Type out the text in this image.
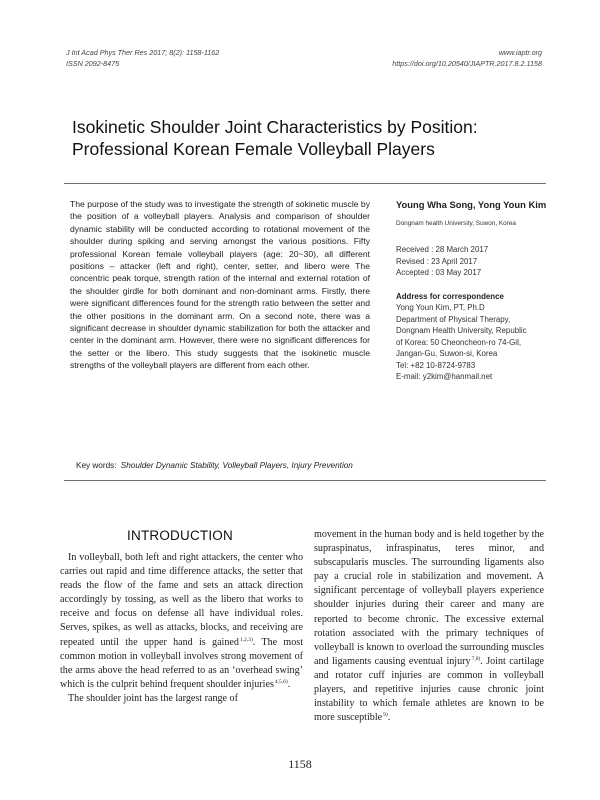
J Int Acad Phys Ther Res 2017; 8(2): 1158-1162
ISSN 2092-8475
www.iaptr.org
https://doi.org/10.20540/JIAPTR.2017.8.2.1158
Isokinetic Shoulder Joint Characteristics by Position:
Professional Korean Female Volleyball Players
The purpose of the study was to investigate the strength of sokinetic muscle by the position of a volleyball players. Analysis and comparison of shoulder dynamic stability will be conducted according to rotational movement of the shoulder during spiking and serving amongst the various positions. Fifty professional Korean female volleyball players (age: 20~30), all different positions – attacker (left and right), center, setter, and libero were The concentric peak torque, strength ration of the internal and external rotation of the shoulder girdle for both dominant and non-dominant arms. Firstly, there were significant differences found for the strength ratio between the setter and the other positions in the dominant arm. On a second note, there was a significant decrease in shoulder dynamic stabilization for both the attacker and center in the dominant arm. However, there were no significant differences for the setter or the libero. This study suggests that the isokinetic muscle strengths of the volleyball players are different from each other.
Young Wha Song, Yong Youn Kim
Dongnam health University, Suwon, Korea
Received : 28 March 2017
Revised : 23 April 2017
Accepted : 03 May 2017
Address for correspondence
Yong Youn Kim, PT, Ph.D
Department of Physical Therapy,
Dongnam Health University, Republic
of Korea: 50 Cheoncheon-ro 74-Gil,
Jangan-Gu, Suwon-si, Korea
Tel: +82 10-8724-9783
E-mail: y2kim@hanmail.net
Key words: Shoulder Dynamic Stability, Volleyball Players, Injury Prevention
INTRODUCTION

In volleyball, both left and right attackers, the center who carries out rapid and time difference attacks, the setter that reads the flow of the fame and sets an attack direction accordingly by tossing, as well as the libero that works to receive and focus on defense all have individual roles. Serves, spikes, as well as attacks, blocks, and receiving are repeated until the upper hand is gained$^{1,2,3)}$. The most common motion in volleyball involves strong movement of the arms above the head referred to as an ‘overhead swing’ which is the culprit behind frequent shoulder injuries$^{4,5,6)}$.

The shoulder joint has the largest range of

movement in the human body and is held together by the supraspinatus, infraspinatus, teres minor, and subscapularis muscles. The surrounding ligaments also pay a crucial role in stabilization and movement. A significant percentage of volleyball players experience shoulder injuries during their career and many are reported to become chronic. The excessive external rotation associated with the primary techniques of volleyball is known to overload the surrounding muscles and ligaments causing eventual injury$^{7,8)}$. Joint cartilage and rotator cuff injuries are common in volleyball players, and repetitive injuries cause chronic joint instability to which female athletes are known to be more susceptible$^{9)}$.

1158
